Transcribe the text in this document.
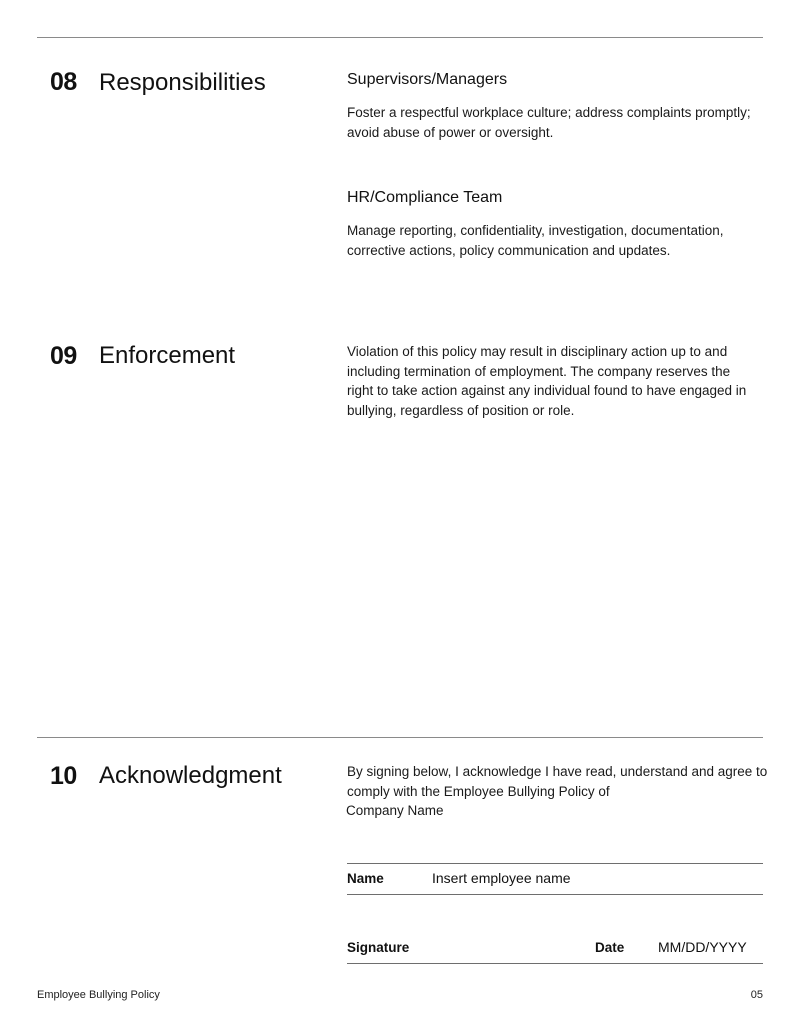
08 Responsibilities	Supervisors/Managers
Foster a respectful workplace culture; address complaints promptly; avoid abuse of power or oversight.
HR/Compliance Team
Manage reporting, confidentiality, investigation, documentation, corrective actions, policy communication and updates.
09 Enforcement	Violation of this policy may result in disciplinary action up to and including termination of employment. The company reserves the right to take action against any individual found to have engaged in bullying, regardless of position or role.
10 Acknowledgment	By signing below, I acknowledge I have read, understand and agree to comply with the Employee Bullying Policy of
Company Name
Name	Insert employee name
Signature	Date MM/DD/YYYY
Employee Bullying Policy	05
